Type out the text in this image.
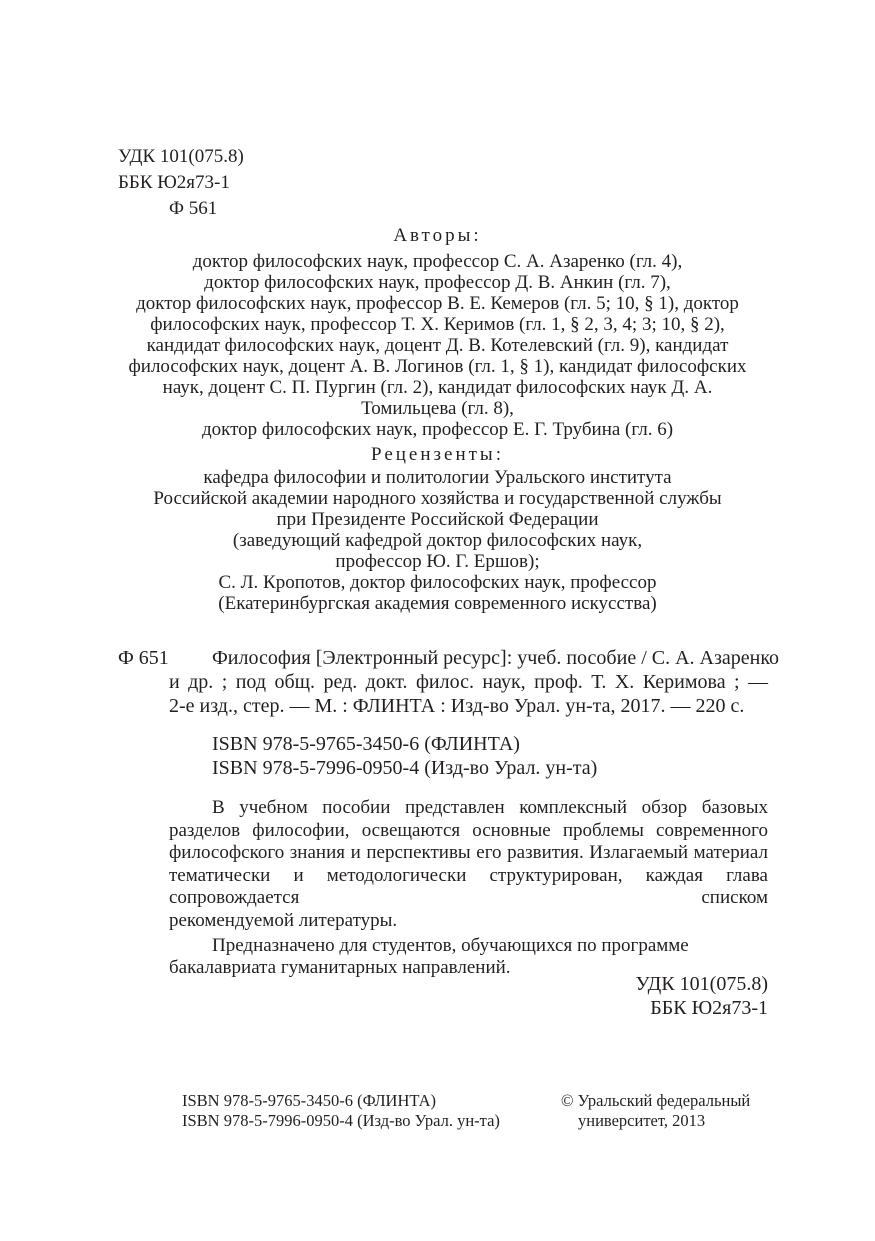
УДК 101(075.8)
ББК Ю2я73-1
Ф 561
Авторы:
доктор философских наук, профессор С. А. Азаренко (гл. 4),
доктор философских наук, профессор Д. В. Анкин (гл. 7),
доктор философских наук, профессор В. Е. Кемеров (гл. 5; 10, § 1), доктор
философских наук, профессор Т. Х. Керимов (гл. 1, § 2, 3, 4; 3; 10, § 2),
кандидат философских наук, доцент Д. В. Котелевский (гл. 9), кандидат
философских наук, доцент А. В. Логинов (гл. 1, § 1), кандидат философских
наук, доцент С. П. Пургин (гл. 2), кандидат философских наук Д. А.
Томильцева (гл. 8),
доктор философских наук, профессор Е. Г. Трубина (гл. 6)
Рецензенты:
кафедра философии и политологии Уральского института
Российской академии народного хозяйства и государственной службы
при Президенте Российской Федерации
(заведующий кафедрой доктор философских наук,
профессор Ю. Г. Ершов);
С. Л. Кропотов, доктор философских наук, профессор
(Екатеринбургская академия современного искусства)
Ф 651 Философия [Электронный ресурс]: учеб. пособие / С. А. Азаренко
и др. ; под общ. ред. докт. филос. наук, проф. Т. Х. Керимова ; —
2-е изд., стер. — М. : ФЛИНТА : Изд-во Урал. ун-та, 2017. — 220 с.
ISBN 978-5-9765-3450-6 (ФЛИНТА)
ISBN 978-5-7996-0950-4 (Изд-во Урал. ун-та)
В учебном пособии представлен комплексный обзор базовых разделов философии, освещаются основные проблемы современного философского знания и перспективы его развития. Излагаемый материал тематически и методологически структурирован, каждая глава сопровождается списком
рекомендуемой литературы.
Предназначено для студентов, обучающихся по программе
бакалавриата гуманитарных направлений.
УДК 101(075.8)
ББК Ю2я73-1
ISBN 978-5-9765-3450-6 (ФЛИНТА)
ISBN 978-5-7996-0950-4 (Изд-во Урал. ун-та)
© Уральский федеральный
университет, 2013
